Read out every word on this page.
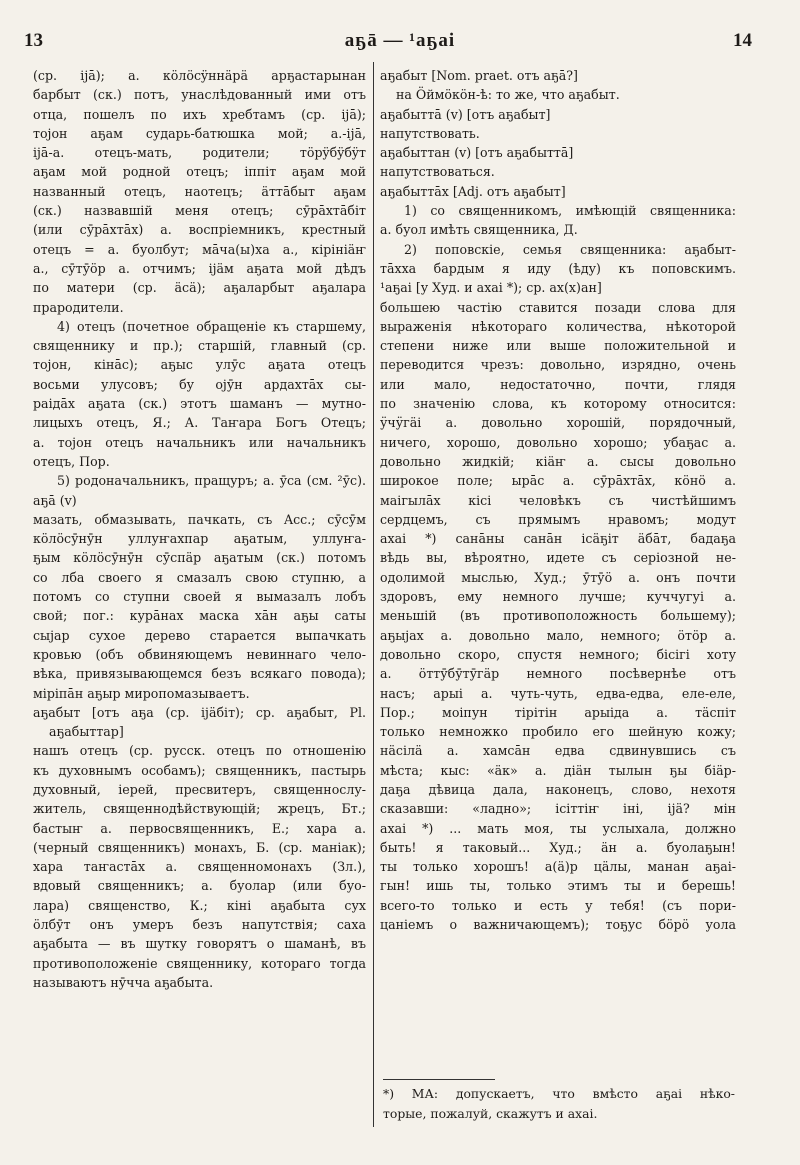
13	аҕā — ¹аҕаі	14
(ср. ijā); а. кöлöсÿннäрä арҕастарынан
барбыт (ск.) потъ, унаслѣдованный ими отъ
отца, пошелъ по ихъ хребтамъ (ср. ijā);
тојон аҕам сударь-батюшка мой; а.-ijā,
ijā-а. отецъ-мать, родители; тöрÿбÿбÿт
аҕам мой родной отецъ; іппіт аҕам мой
названный отецъ, наотецъ; äттāбыт аҕам
(ск.) назвавшій меня отецъ; сӯрāхтāбіт
(или сӯрāхтāх) а. воспріемникъ, крестный
отецъ = а. буолбут; мāча(ы)ха а., кірініäҥ
а., сӯтӯöр а. отчимъ; ijäм аҕата мой дѣдъ
по матери (ср. äсä); аҕаларбыт аҕалара
прародители.
4) отецъ (почетное обращеніе къ старшему,
священнику и пр.); старшій, главный (ср.
тојон, кінāс); аҕыс улӯс аҕата отецъ
восьми улусовъ; бу ојӯн ардахтāх сы-
раідāх аҕата (ск.) этотъ шаманъ — мутно-
лицыхъ отецъ, Я.; А. Таҥара Богъ Отецъ;
а. тојон отецъ начальникъ или начальникъ
отецъ, Пор.
5) родоначальникъ, пращуръ; а. ӯса (см. ²ӯс).
аҕā (v)
мазать, обмазывать, пачкать, съ Acc.; сӯсӯм
кöлöсӯнӯн уллуҥахпар аҕатым, уллуҥа-
ҕым кöлöсӯнӯн сӯспäр аҕатым (ск.) потомъ
со лба своего я смазалъ свою ступню, а
потомъ со ступни своей я вымазалъ лобъ
свой; пог.: курāнах маска хāн аҕы саты
сыјар сухое дерево старается выпачкать
кровью (объ обвиняющемъ невиннаго чело-
вѣка, привязывающемся безъ всякаго повода);
міріпāн аҕыр миропомазываетъ.
аҕабыт [отъ аҕа (ср. ijäбіт); ср. аҕабыт, Pl.
аҕабыттар]
нашъ отецъ (ср. русск. отецъ по отношенію
къ духовнымъ особамъ); священникъ, пастырь
духовный, іерей, пресвитеръ, священнослу-
житель, священнодѣйствующій; жрецъ, Бт.;
бастыҥ а. первосвященникъ, Е.; хара а.
(черный священникъ) монахъ, Б. (ср. маніак);
хара таҥастāх а. священномонахъ (Зл.),
вдовый священникъ; а. буолар (или буо-
лара) священство, К.; кіні аҕабыта сух
öлбӯт онъ умеръ безъ напутствія; саха
аҕабыта — въ шутку говорятъ о шаманѣ, въ
противоположеніе священнику, котораго тогда
называютъ нӯчча аҕабыта.
аҕабыт [Nom. praet. отъ аҕā?]
на Öймöкöн-ѣ: то же, что аҕабыт.
аҕабыттā (v) [отъ аҕабыт]
напутствовать.
аҕабыттан (v) [отъ аҕабыттā]
напутствоваться.
аҕабыттāх [Adj. отъ аҕабыт]
1) со священникомъ, имѣющій священника:
а. буол имѣть священника, Д.
2) поповскіе, семья священника: аҕабыт-
тāхха бардым я иду (ѣду) къ поповскимъ.
¹аҕаі [у Худ. и ахаі *); ср. ах(х)ан]
большею частію ставится позади слова для
выраженія нѣкотораго количества, нѣкоторой
степени ниже или выше положительной и
переводится чрезъ: довольно, изрядно, очень
или мало, недостаточно, почти, глядя
по значенію слова, къ которому относится:
ӱчӱгäі а. довольно хорошій, порядочный,
ничего, хорошо, довольно хорошо; убаҕас а.
довольно жидкій; кіäҥ а. сысы довольно
широкое поле; ырāс а. сӯрāхтāх, кöнö а.
маігылāх кісі человѣкъ съ чистѣйшимъ
сердцемъ, съ прямымъ нравомъ; модут
ахаі *) санāны санāн ісäҕіт äбāт, бадаҕа
вѣдь вы, вѣроятно, идете съ серіозной не-
одолимой мыслью, Худ.; ӯтӯö а. онъ почти
здоровъ, ему немного лучше; куччугуі а.
меньшій (въ противоположность большему);
аҕыјах а. довольно мало, немного; öтöр а.
довольно скоро, спустя немного; бісігі хоту
а. öттӯбӯтӯгäр немного посѣвернѣе отъ
насъ; арыі а. чуть-чуть, едва-едва, еле-еле,
Пор.; моіпун тірітін арыіда а. тäспіт
только немножко пробило его шейную кожу;
нäсілä а. хамсāн едва сдвинувшись съ
мѣста; кыс: «äк» а. діäн тылын ҕы біäр-
даҕа дѣвица дала, наконецъ, слово, нехотя
сказавши: «ладно»; ісіттіҥ іні, ijä? мін
ахаі *) ... мать моя, ты услыхала, должно
быть! я таковый... Худ.; äн а. буолаҕын!
ты только хорошъ! а(ä)р цäлы, манан аҕаі-
гын! ишь ты, только этимъ ты и берешь!
всего-то только и есть у тебя! (съ пори-
цаніемъ о важничающемъ); тоҕус бöрö уола
*) МА: допускаетъ, что вмѣсто аҕаі нѣко-
торые, пожалуй, скажутъ и ахаі.
